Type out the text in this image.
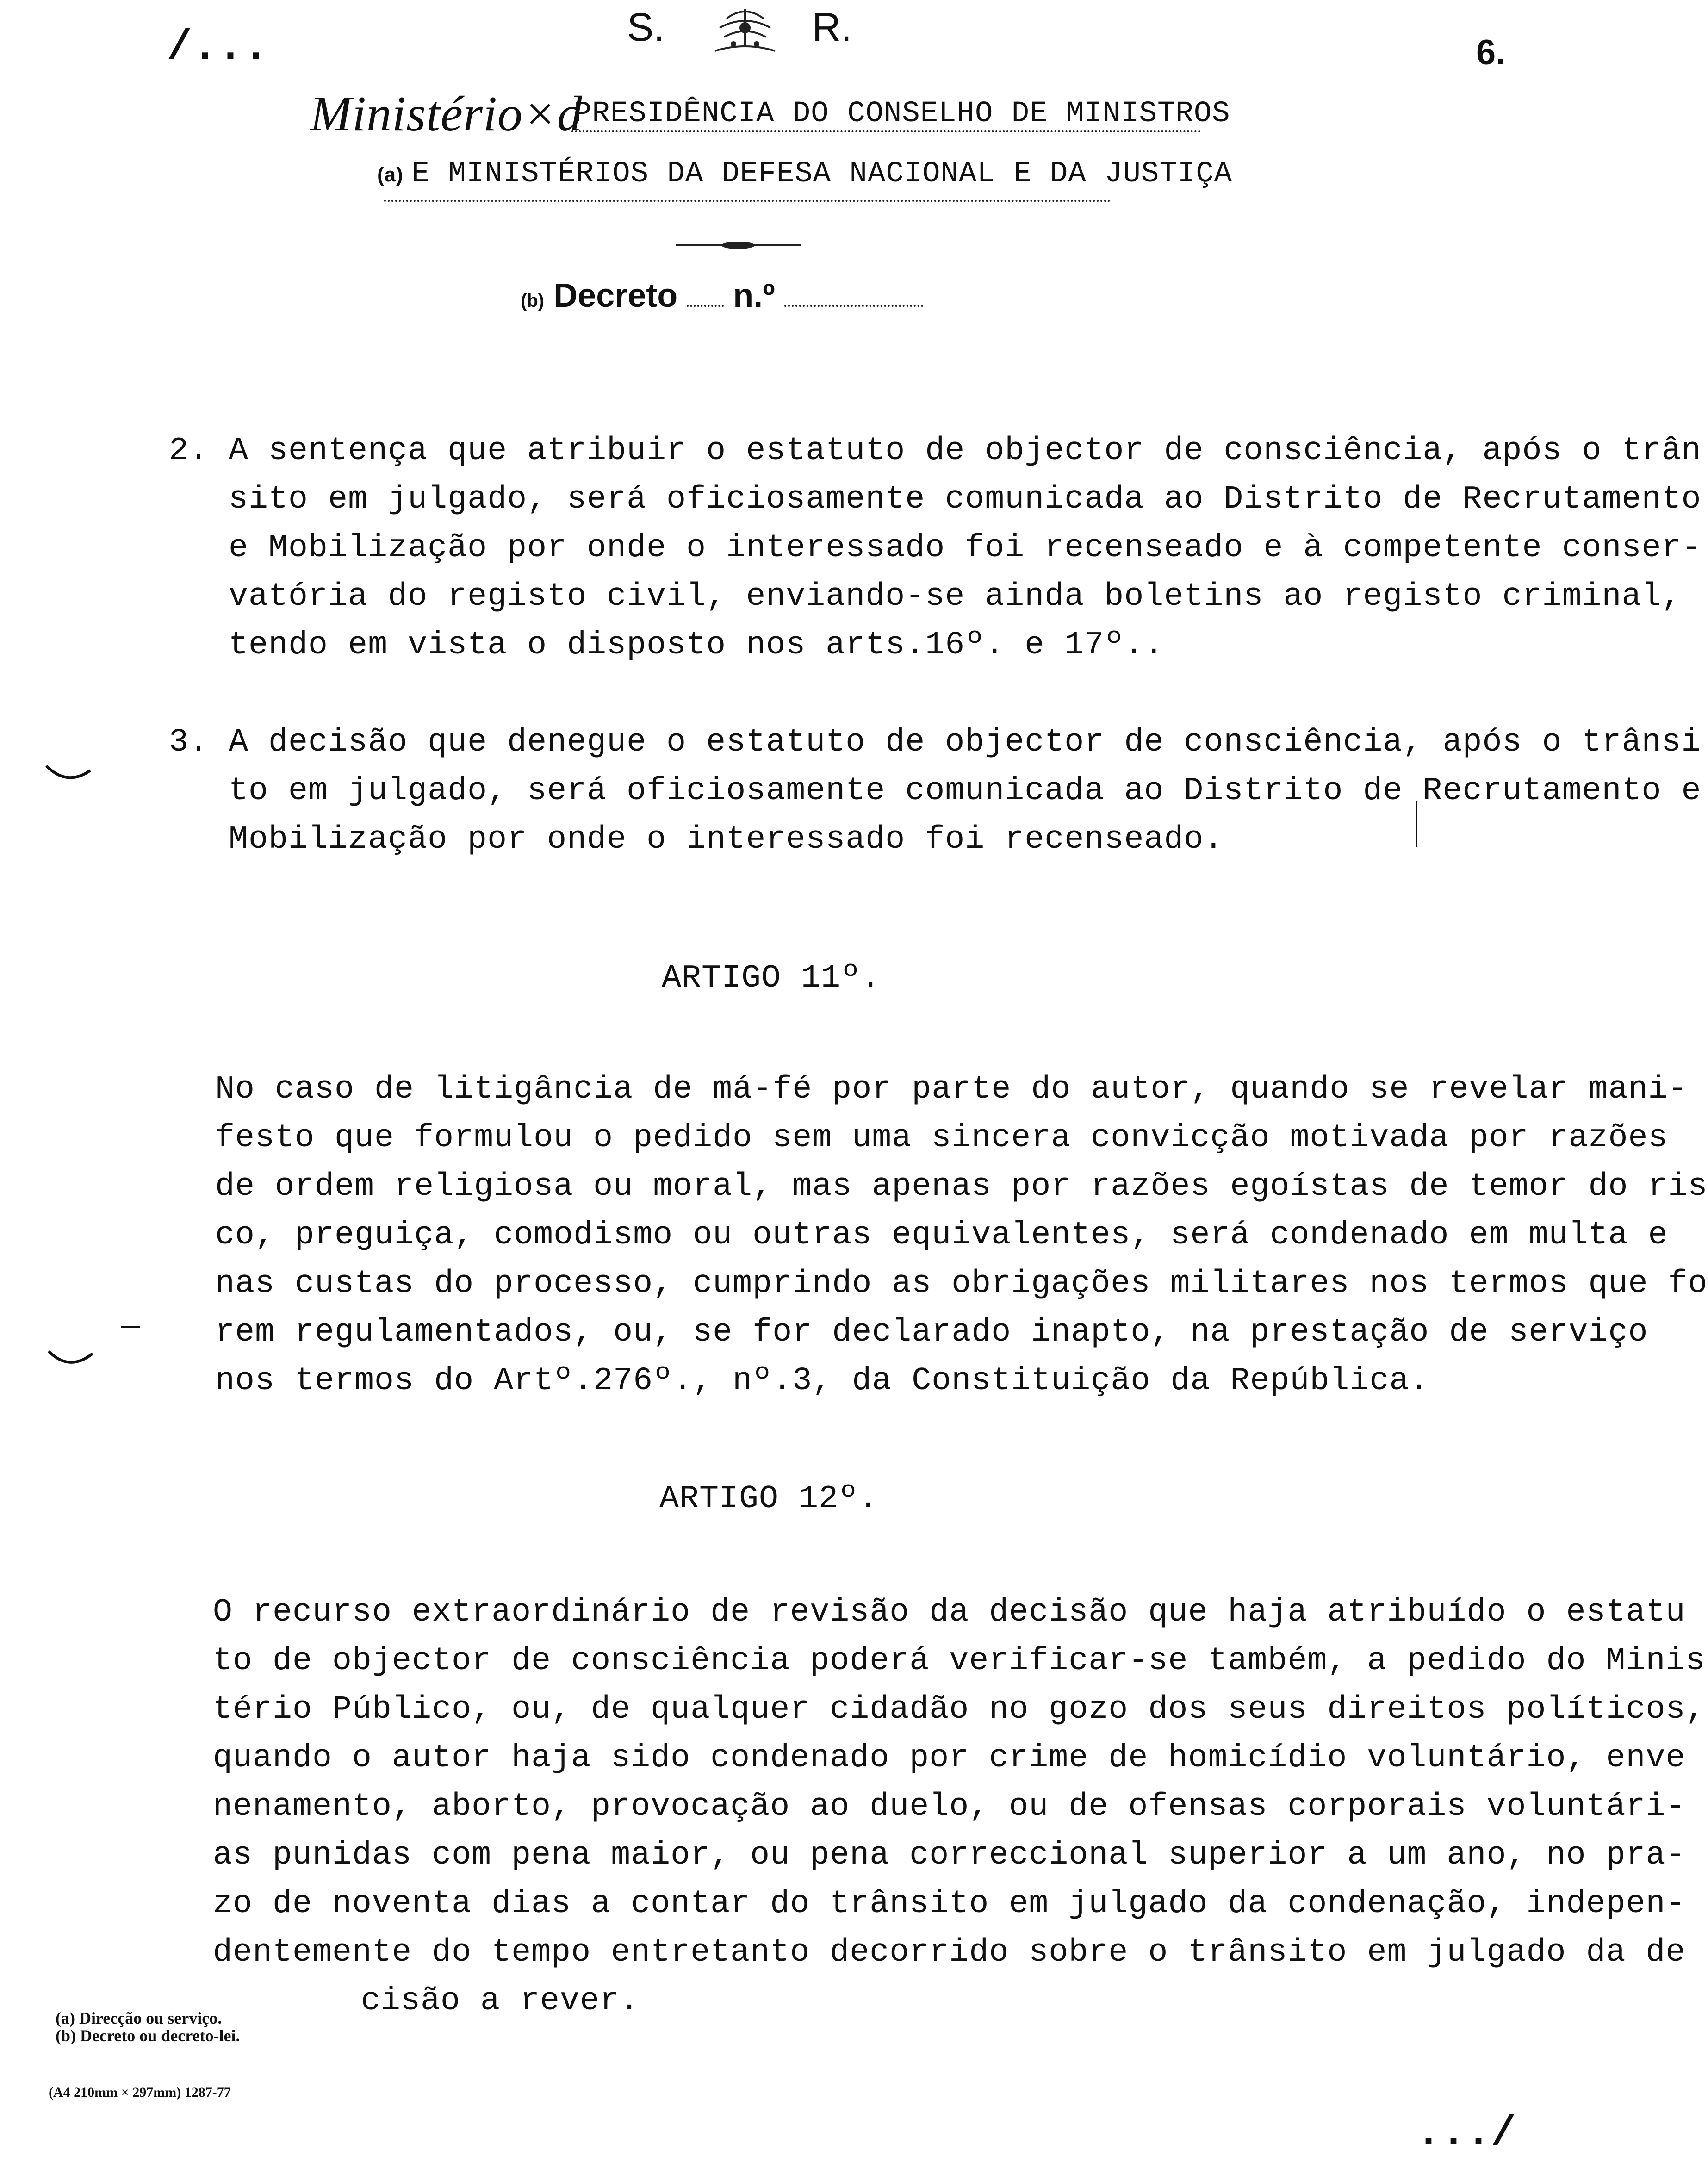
/...	6.
S.	R.
Ministério×d
PRESIDÊNCIA DO CONSELHO DE MINISTROS
(a) E MINISTÉRIOS DA DEFESA NACIONAL E DA JUSTIÇA
(b) Decreto n.º
2. A sentença que atribuir o estatuto de objector de consciência, após o trân
sito em julgado, será oficiosamente comunicada ao Distrito de Recrutamento
e Mobilização por onde o interessado foi recenseado e à competente conser-
vatória do registo civil, enviando-se ainda boletins ao registo criminal,
tendo em vista o disposto nos arts.16º. e 17º..
3. A decisão que denegue o estatuto de objector de consciência, após o trânsi
to em julgado, será oficiosamente comunicada ao Distrito de Recrutamento e
Mobilização por onde o interessado foi recenseado.
ARTIGO 11º.
No caso de litigância de má-fé por parte do autor, quando se revelar mani-
festo que formulou o pedido sem uma sincera convicção motivada por razões
de ordem religiosa ou moral, mas apenas por razões egoístas de temor do ris
co, preguiça, comodismo ou outras equivalentes, será condenado em multa e
nas custas do processo, cumprindo as obrigações militares nos termos que fo
rem regulamentados, ou, se for declarado inapto, na prestação de serviço
nos termos do Artº.276º., nº.3, da Constituição da República.
ARTIGO 12º.
O recurso extraordinário de revisão da decisão que haja atribuído o estatu
to de objector de consciência poderá verificar-se também, a pedido do Minis
tério Público, ou, de qualquer cidadão no gozo dos seus direitos políticos,
quando o autor haja sido condenado por crime de homicídio voluntário, enve
nenamento, aborto, provocação ao duelo, ou de ofensas corporais voluntári-
as punidas com pena maior, ou pena correccional superior a um ano, no pra-
zo de noventa dias a contar do trânsito em julgado da condenação, indepen-
dentemente do tempo entretanto decorrido sobre o trânsito em julgado da de
cisão a rever.
(a) Direcção ou serviço.
(b) Decreto ou decreto-lei.
(A4 210mm × 297mm) 1287-77
.../
